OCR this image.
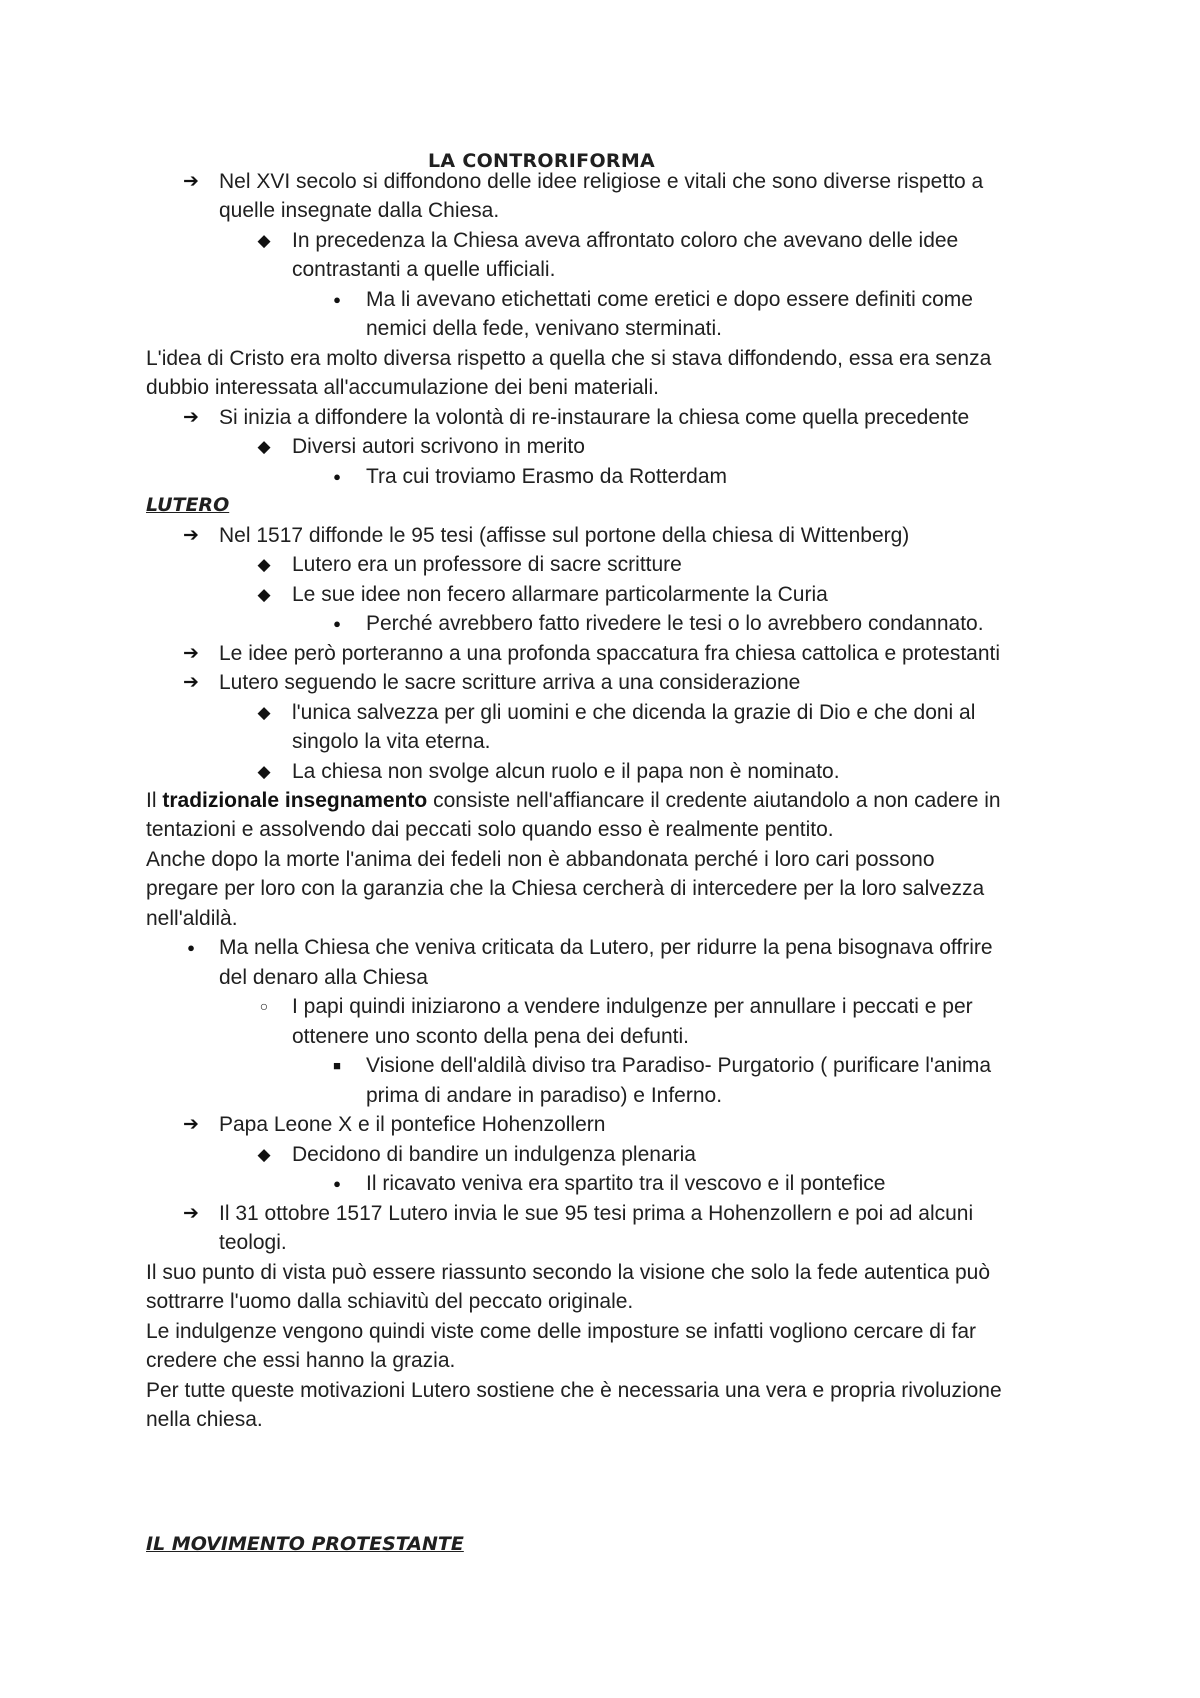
LA CONTRORIFORMA
➔ Nel XVI secolo si diffondono delle idee religiose e vitali che sono diverse rispetto a
quelle insegnate dalla Chiesa.
◆ In precedenza la Chiesa aveva affrontato coloro che avevano delle idee
contrastanti a quelle ufficiali.
●	Ma li avevano etichettati come eretici e dopo essere definiti come
nemici della fede, venivano sterminati.
L'idea di Cristo era molto diversa rispetto a quella che si stava diffondendo, essa era senza
dubbio interessata all'accumulazione dei beni materiali.
➔ Si inizia a diffondere la volontà di re-instaurare la chiesa come quella precedente
◆ Diversi autori scrivono in merito
●	Tra cui troviamo Erasmo da Rotterdam
LUTERO
➔ Nel 1517 diffonde le 95 tesi (affisse sul portone della chiesa di Wittenberg)
◆ Lutero era un professore di sacre scritture
◆ Le sue idee non fecero allarmare particolarmente la Curia
●	Perché avrebbero fatto rivedere le tesi o lo avrebbero condannato.
➔ Le idee però porteranno a una profonda spaccatura fra chiesa cattolica e protestanti
➔ Lutero seguendo le sacre scritture arriva a una considerazione
◆ l'unica salvezza per gli uomini e che dicenda la grazie di Dio e che doni al
singolo la vita eterna.
◆ La chiesa non svolge alcun ruolo e il papa non è nominato.
Il tradizionale insegnamento consiste nell'affiancare il credente aiutandolo a non cadere in
tentazioni e assolvendo dai peccati solo quando esso è realmente pentito.
Anche dopo la morte l'anima dei fedeli non è abbandonata perché i loro cari possono
pregare per loro con la garanzia che la Chiesa cercherà di intercedere per la loro salvezza
nell'aldilà.
●	Ma nella Chiesa che veniva criticata da Lutero, per ridurre la pena bisognava offrire
del denaro alla Chiesa
○	I papi quindi iniziarono a vendere indulgenze per annullare i peccati e per
ottenere uno sconto della pena dei defunti.
■	Visione dell'aldilà diviso tra Paradiso- Purgatorio ( purificare l'anima
prima di andare in paradiso) e Inferno.
➔ Papa Leone X e il pontefice Hohenzollern
◆ Decidono di bandire un indulgenza plenaria
●	Il ricavato veniva era spartito tra il vescovo e il pontefice
➔ Il 31 ottobre 1517 Lutero invia le sue 95 tesi prima a Hohenzollern e poi ad alcuni
teologi.
Il suo punto di vista può essere riassunto secondo la visione che solo la fede autentica può
sottrarre l'uomo dalla schiavitù del peccato originale.
Le indulgenze vengono quindi viste come delle imposture se infatti vogliono cercare di far
credere che essi hanno la grazia.
Per tutte queste motivazioni Lutero sostiene che è necessaria una vera e propria rivoluzione
nella chiesa.
IL MOVIMENTO PROTESTANTE
